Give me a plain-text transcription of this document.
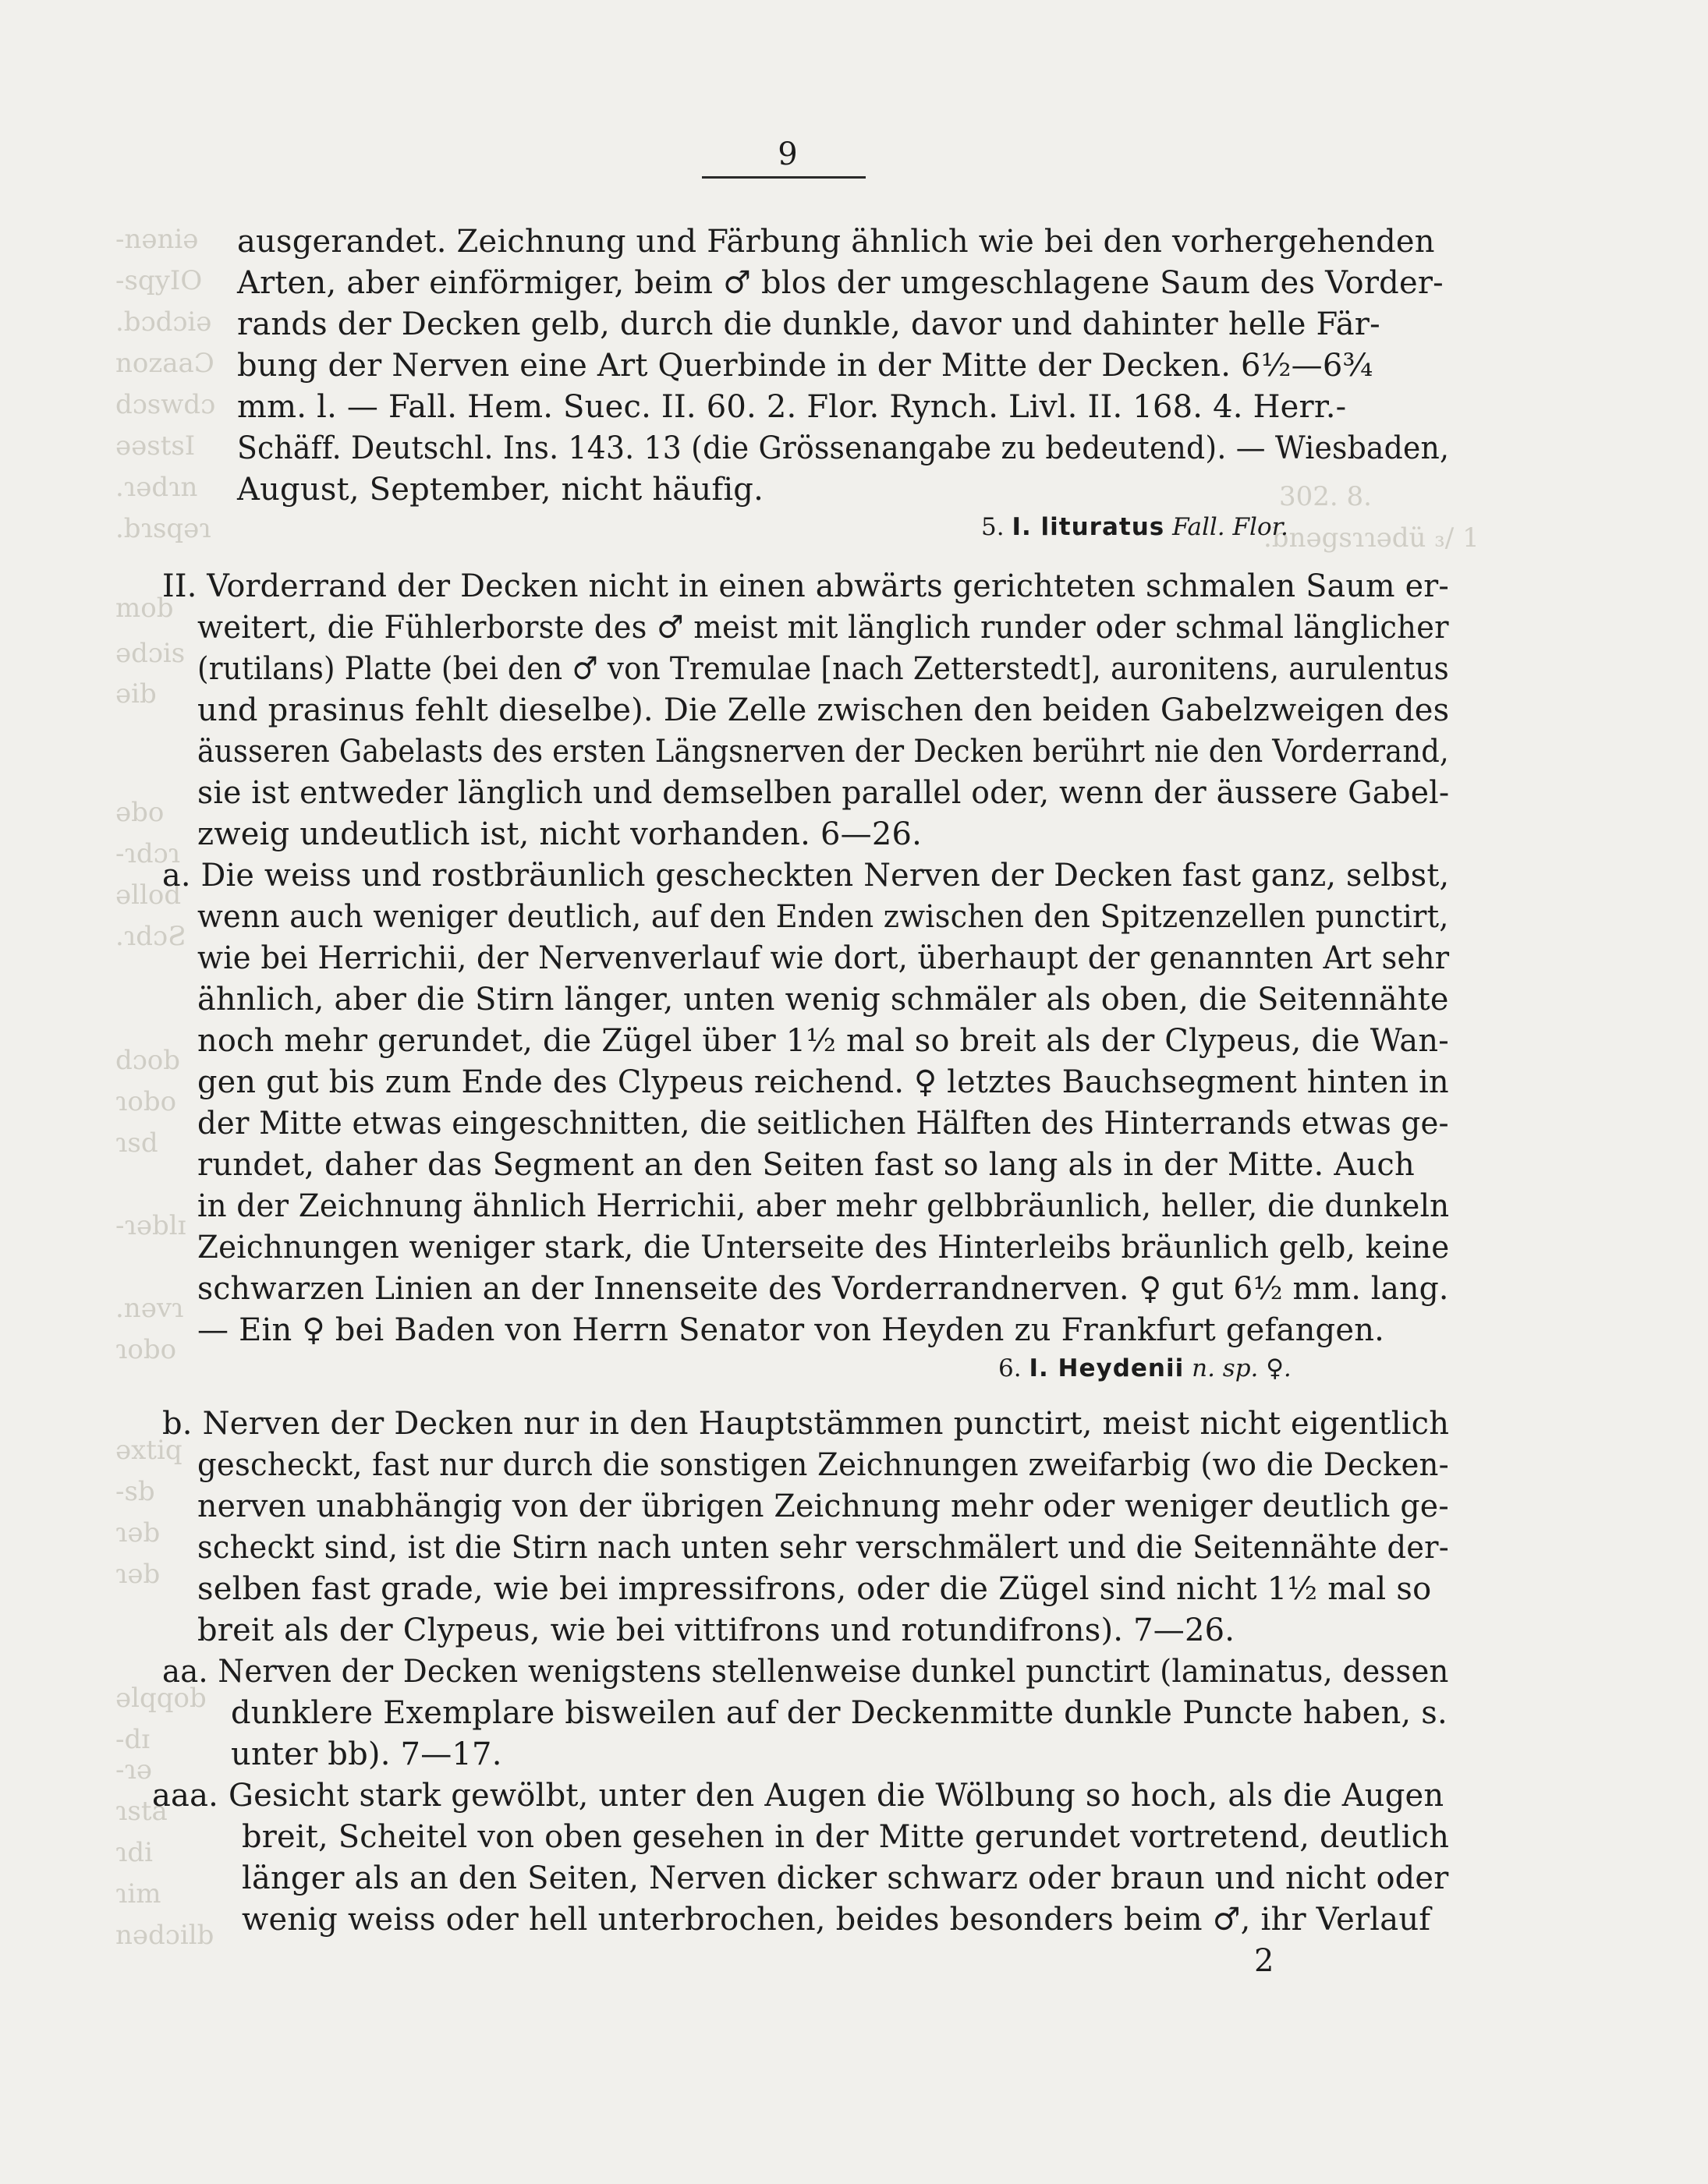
-nəniə
-sqyIO
.bɔdɔiə
nozaaƆ
dɔswdɔ
əəstsI
.ɿədɿn
.bɿsqəɿ
mob
ədɔis
əib
əbo
-ɿdɔɿ
əllod
.ɿdɔƧ
dɔob
ɿobo
ɿsd
-ɿəblɪ
.nəvɿ
ɿobo
əxtiq
-sb
ɿəb
ɿəb
əlqqob
-dɪ
-ɿə
ɿsta
ɿdi
ɿim
nədɔilb
302. 8.
.bnəgsɿɿədü ₃/ 1
9
ausgerandet. Zeichnung und Färbung ähnlich wie bei den vorhergehenden
Arten, aber einförmiger, beim ♂ blos der umgeschlagene Saum des Vorder-
rands der Decken gelb, durch die dunkle, davor und dahinter helle Fär-
bung der Nerven eine Art Querbinde in der Mitte der Decken. 6½—6¾
mm. l. — Fall. Hem. Suec. II. 60. 2. Flor. Rynch. Livl. II. 168. 4. Herr.-
Schäff. Deutschl. Ins. 143. 13 (die Grössenangabe zu bedeutend). — Wiesbaden,
August, September, nicht häufig.
5. I. lituratus Fall. Flor.
II. Vorderrand der Decken nicht in einen abwärts gerichteten schmalen Saum er-
weitert, die Fühlerborste des ♂ meist mit länglich runder oder schmal länglicher
(rutilans) Platte (bei den ♂ von Tremulae [nach Zetterstedt], auronitens, aurulentus
und prasinus fehlt dieselbe). Die Zelle zwischen den beiden Gabelzweigen des
äusseren Gabelasts des ersten Längsnerven der Decken berührt nie den Vorderrand,
sie ist entweder länglich und demselben parallel oder, wenn der äussere Gabel-
zweig undeutlich ist, nicht vorhanden. 6—26.
a. Die weiss und rostbräunlich gescheckten Nerven der Decken fast ganz, selbst,
wenn auch weniger deutlich, auf den Enden zwischen den Spitzenzellen punctirt,
wie bei Herrichii, der Nervenverlauf wie dort, überhaupt der genannten Art sehr
ähnlich, aber die Stirn länger, unten wenig schmäler als oben, die Seitennähte
noch mehr gerundet, die Zügel über 1½ mal so breit als der Clypeus, die Wan-
gen gut bis zum Ende des Clypeus reichend. ♀ letztes Bauchsegment hinten in
der Mitte etwas eingeschnitten, die seitlichen Hälften des Hinterrands etwas ge-
rundet, daher das Segment an den Seiten fast so lang als in der Mitte. Auch
in der Zeichnung ähnlich Herrichii, aber mehr gelbbräunlich, heller, die dunkeln
Zeichnungen weniger stark, die Unterseite des Hinterleibs bräunlich gelb, keine
schwarzen Linien an der Innenseite des Vorderrandnerven. ♀ gut 6½ mm. lang.
— Ein ♀ bei Baden von Herrn Senator von Heyden zu Frankfurt gefangen.
6. I. Heydenii n. sp. ♀.
b. Nerven der Decken nur in den Hauptstämmen punctirt, meist nicht eigentlich
gescheckt, fast nur durch die sonstigen Zeichnungen zweifarbig (wo die Decken-
nerven unabhängig von der übrigen Zeichnung mehr oder weniger deutlich ge-
scheckt sind, ist die Stirn nach unten sehr verschmälert und die Seitennähte der-
selben fast grade, wie bei impressifrons, oder die Zügel sind nicht 1½ mal so
breit als der Clypeus, wie bei vittifrons und rotundifrons). 7—26.
aa. Nerven der Decken wenigstens stellenweise dunkel punctirt (laminatus, dessen
dunklere Exemplare bisweilen auf der Deckenmitte dunkle Puncte haben, s.
unter bb). 7—17.
aaa. Gesicht stark gewölbt, unter den Augen die Wölbung so hoch, als die Augen
breit, Scheitel von oben gesehen in der Mitte gerundet vortretend, deutlich
länger als an den Seiten, Nerven dicker schwarz oder braun und nicht oder
wenig weiss oder hell unterbrochen, beides besonders beim ♂, ihr Verlauf
2
